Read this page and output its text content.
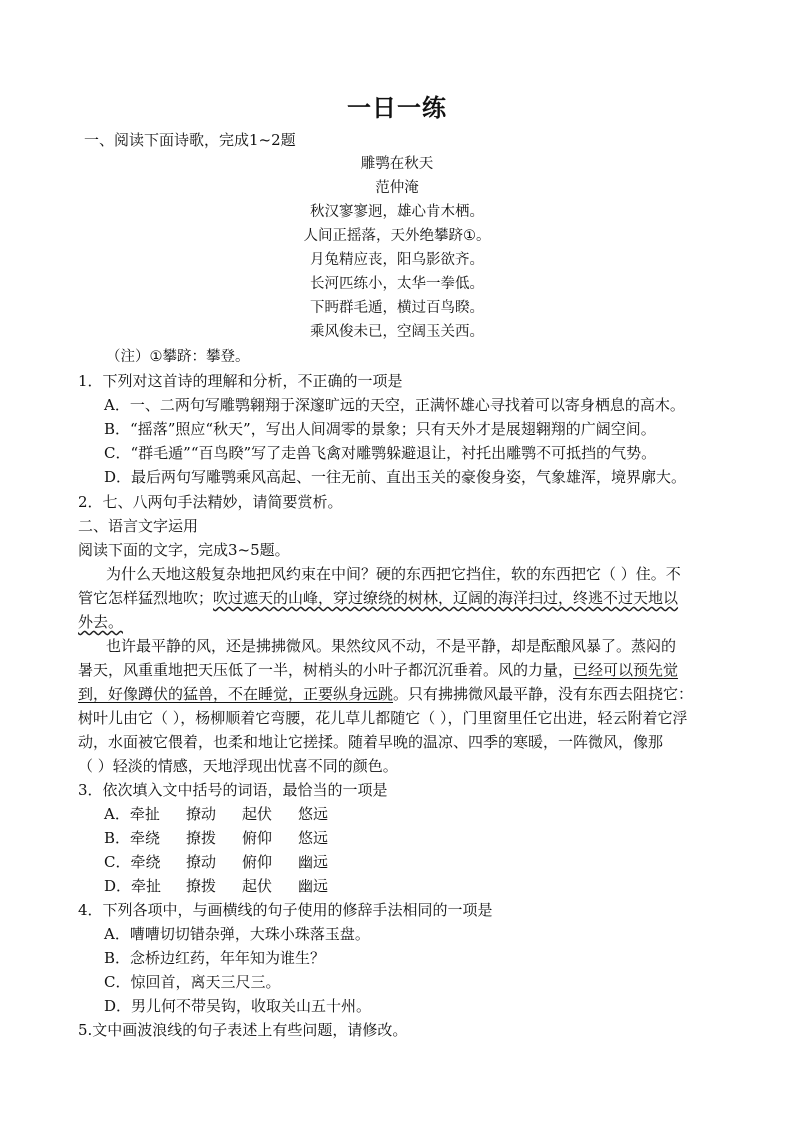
一日一练
一、阅读下面诗歌，完成1~2题
雕鹗在秋天
范仲淹
秋汉寥寥迥，雄心肯木栖。
人间正摇落，天外绝攀跻①。
月兔精应丧，阳乌影欲齐。
长河匹练小，太华一拳低。
下眄群毛遁，横过百鸟睽。
乘风俊未已，空阔玉关西。
（注）①攀跻：攀登。
1．下列对这首诗的理解和分析，不正确的一项是
A．一、二两句写雕鹗翱翔于深邃旷远的天空，正满怀雄心寻找着可以寄身栖息的高木。
B．“摇落”照应“秋天”，写出人间凋零的景象；只有天外才是展翅翱翔的广阔空间。
C．“群毛遁”“百鸟睽”写了走兽飞禽对雕鹗躲避退让，衬托出雕鹗不可抵挡的气势。
D．最后两句写雕鹗乘风高起、一往无前、直出玉关的豪俊身姿，气象雄浑，境界廓大。
2．七、八两句手法精妙，请简要赏析。
二、语言文字运用
阅读下面的文字，完成3~5题。
为什么天地这般复杂地把风约束在中间？硬的东西把它挡住，软的东西把它（ ）住。不
管它怎样猛烈地吹；吹过遮天的山峰，穿过缭绕的树林，辽阔的海洋扫过，终逃不过天地以
外去。
也许最平静的风，还是拂拂微风。果然纹风不动，不是平静，却是酝酿风暴了。蒸闷的
暑天，风重重地把天压低了一半，树梢头的小叶子都沉沉垂着。风的力量，已经可以预先觉
到，好像蹲伏的猛兽，不在睡觉，正要纵身远跳。只有拂拂微风最平静，没有东西去阻挠它：
树叶儿由它（ ），杨柳顺着它弯腰，花儿草儿都随它（ ），门里窗里任它出进，轻云附着它浮
动，水面被它偎着，也柔和地让它搓揉。随着早晚的温凉、四季的寒暖，一阵微风，像那
（ ）轻淡的情感，天地浮现出忧喜不同的颜色。
3．依次填入文中括号的词语，最恰当的一项是
A．牵扯 撩动 起伏 悠远
B．牵绕 撩拨 俯仰 悠远
C．牵绕 撩动 俯仰 幽远
D．牵扯 撩拨 起伏 幽远
4．下列各项中，与画横线的句子使用的修辞手法相同的一项是
A．嘈嘈切切错杂弹，大珠小珠落玉盘。
B．念桥边红药，年年知为谁生？
C．惊回首，离天三尺三。
D．男儿何不带吴钩，收取关山五十州。
5.文中画波浪线的句子表述上有些问题，请修改。
